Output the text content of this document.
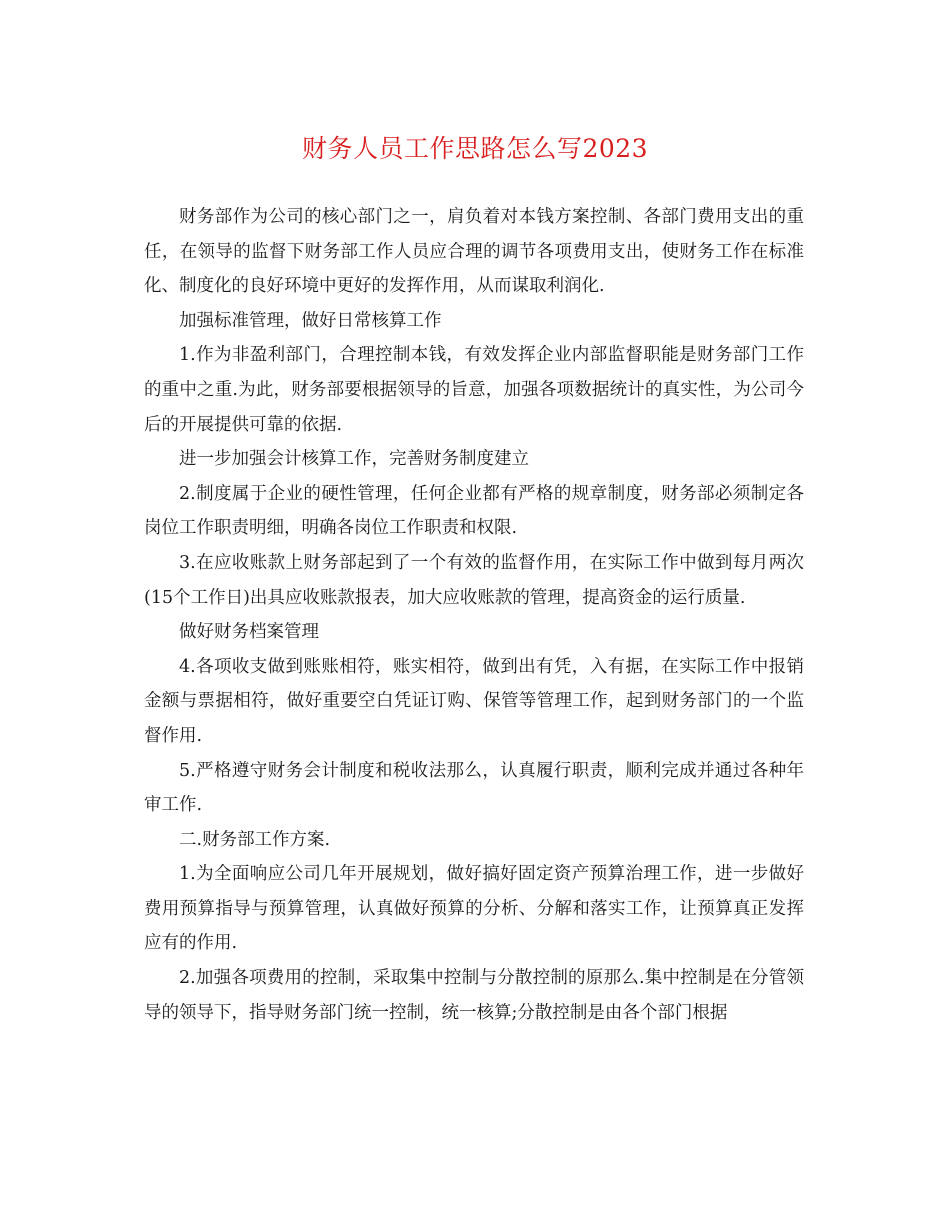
财务人员工作思路怎么写2023

财务部作为公司的核心部门之一，肩负着对本钱方案控制、各部门费用支出的重任，在领导的监督下财务部工作人员应合理的调节各项费用支出，使财务工作在标准化、制度化的良好环境中更好的发挥作用，从而谋取利润化.

加强标准管理，做好日常核算工作

1.作为非盈利部门，合理控制本钱，有效发挥企业内部监督职能是财务部门工作的重中之重.为此，财务部要根据领导的旨意，加强各项数据统计的真实性，为公司今后的开展提供可靠的依据.

进一步加强会计核算工作，完善财务制度建立

2.制度属于企业的硬性管理，任何企业都有严格的规章制度，财务部必须制定各岗位工作职责明细，明确各岗位工作职责和权限.

3.在应收账款上财务部起到了一个有效的监督作用，在实际工作中做到每月两次(15个工作日)出具应收账款报表，加大应收账款的管理，提高资金的运行质量.

做好财务档案管理

4.各项收支做到账账相符，账实相符，做到出有凭，入有据，在实际工作中报销金额与票据相符，做好重要空白凭证订购、保管等管理工作，起到财务部门的一个监督作用.

5.严格遵守财务会计制度和税收法那么，认真履行职责，顺利完成并通过各种年审工作.

二.财务部工作方案.

1.为全面响应公司几年开展规划，做好搞好固定资产预算治理工作，进一步做好费用预算指导与预算管理，认真做好预算的分析、分解和落实工作，让预算真正发挥应有的作用.

2.加强各项费用的控制，采取集中控制与分散控制的原那么.集中控制是在分管领导的领导下，指导财务部门统一控制，统一核算;分散控制是由各个部门根据
